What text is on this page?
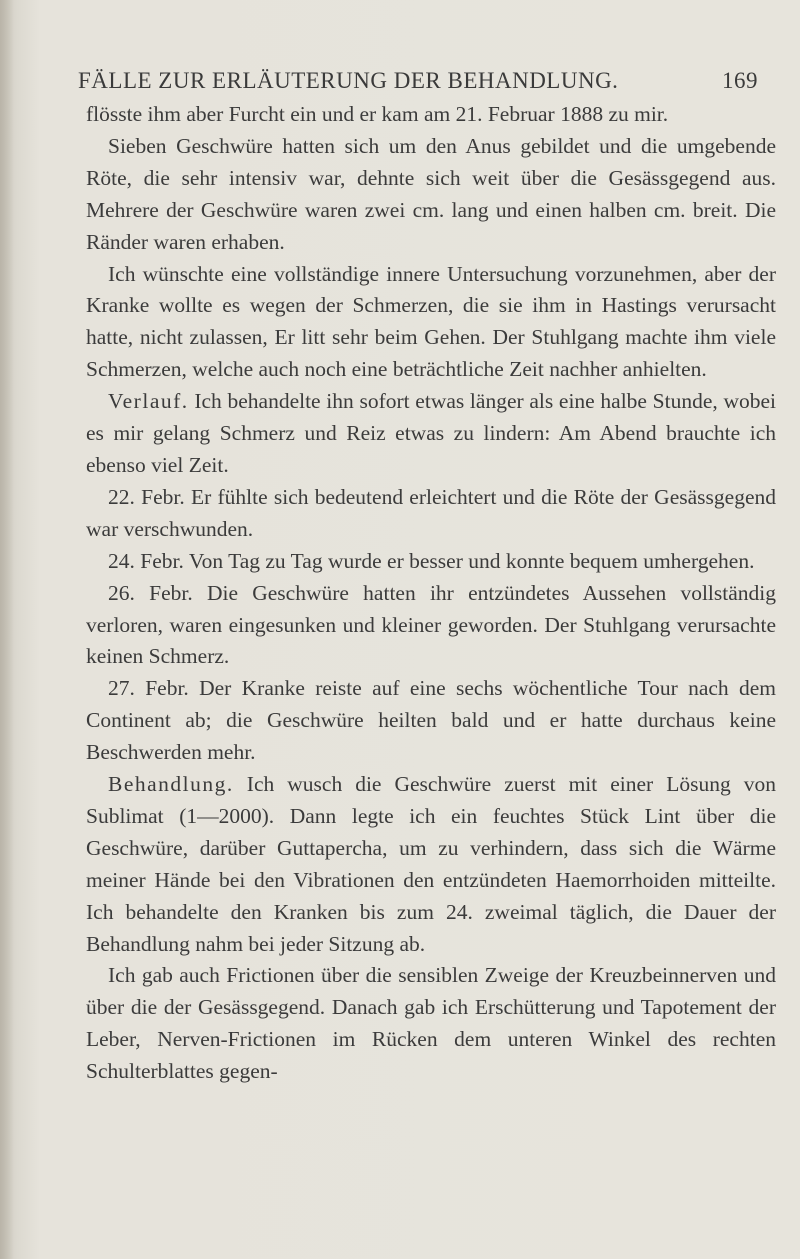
FÄLLE ZUR ERLÄUTERUNG DER BEHANDLUNG.	169

flösste ihm aber Furcht ein und er kam am 21. Februar 1888 zu mir.

Sieben Geschwüre hatten sich um den Anus gebildet und die umgebende Röte, die sehr intensiv war, dehnte sich weit über die Gesässgegend aus. Mehrere der Geschwüre waren zwei cm. lang und einen halben cm. breit. Die Ränder waren erhaben.

Ich wünschte eine vollständige innere Untersuchung vorzunehmen, aber der Kranke wollte es wegen der Schmerzen, die sie ihm in Hastings verursacht hatte, nicht zulassen, Er litt sehr beim Gehen. Der Stuhlgang machte ihm viele Schmerzen, welche auch noch eine beträchtliche Zeit nachher anhielten.

Verlauf. Ich behandelte ihn sofort etwas länger als eine halbe Stunde, wobei es mir gelang Schmerz und Reiz etwas zu lindern: Am Abend brauchte ich ebenso viel Zeit.

22. Febr. Er fühlte sich bedeutend erleichtert und die Röte der Gesässgegend war verschwunden.

24. Febr. Von Tag zu Tag wurde er besser und konnte bequem umhergehen.

26. Febr. Die Geschwüre hatten ihr entzündetes Aussehen vollständig verloren, waren eingesunken und kleiner geworden. Der Stuhlgang verursachte keinen Schmerz.

27. Febr. Der Kranke reiste auf eine sechs wöchentliche Tour nach dem Continent ab; die Geschwüre heilten bald und er hatte durchaus keine Beschwerden mehr.

Behandlung. Ich wusch die Geschwüre zuerst mit einer Lösung von Sublimat (1—2000). Dann legte ich ein feuchtes Stück Lint über die Geschwüre, darüber Guttapercha, um zu verhindern, dass sich die Wärme meiner Hände bei den Vibrationen den entzündeten Haemorrhoiden mitteilte. Ich behandelte den Kranken bis zum 24. zweimal täglich, die Dauer der Behandlung nahm bei jeder Sitzung ab.

Ich gab auch Frictionen über die sensiblen Zweige der Kreuzbeinnerven und über die der Gesässgegend. Danach gab ich Erschütterung und Tapotement der Leber, Nerven-Frictionen im Rücken dem unteren Winkel des rechten Schulterblattes gegen-
